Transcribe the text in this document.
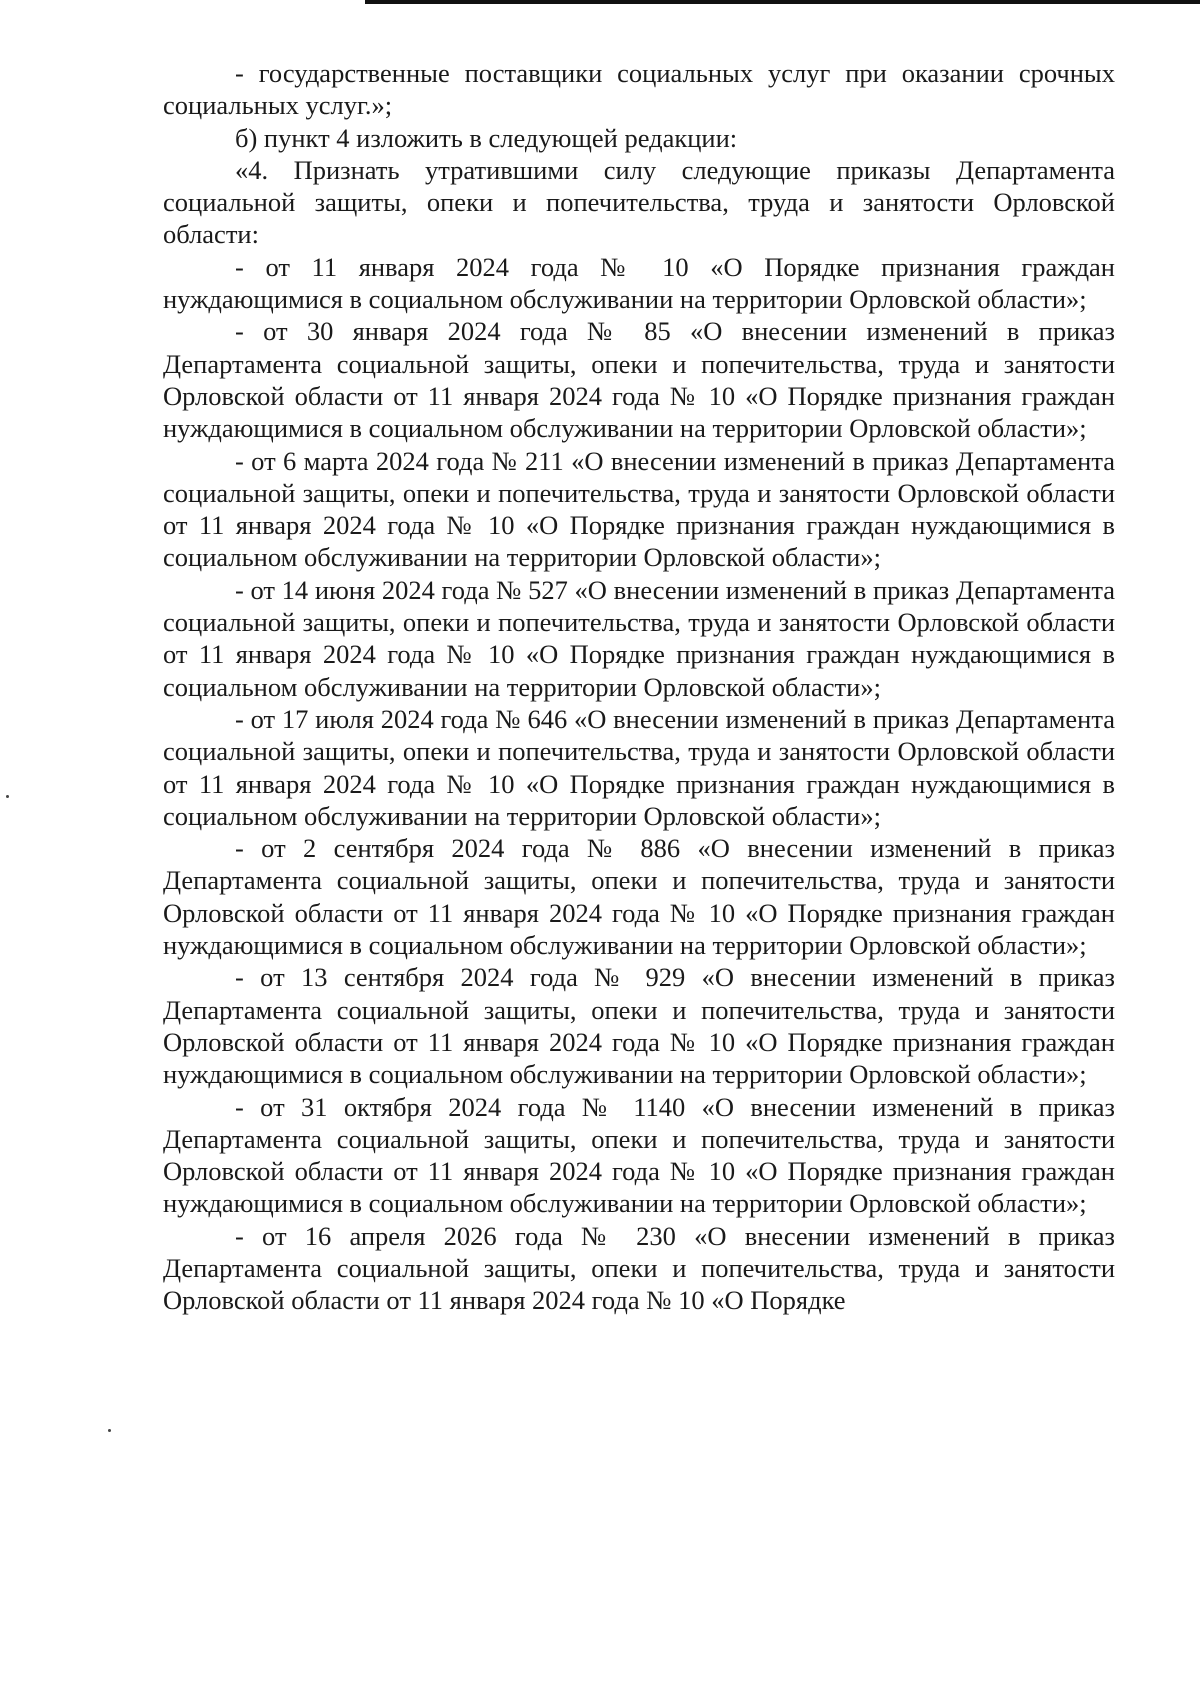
- государственные поставщики социальных услуг при оказании срочных социальных услуг.»;

б) пункт 4 изложить в следующей редакции:

«4. Признать утратившими силу следующие приказы Департамента социальной защиты, опеки и попечительства, труда и занятости Орловской области:

- от 11 января 2024 года № 10 «О Порядке признания граждан нуждающимися в социальном обслуживании на территории Орловской области»;

- от 30 января 2024 года № 85 «О внесении изменений в приказ Департамента социальной защиты, опеки и попечительства, труда и занятости Орловской области от 11 января 2024 года № 10 «О Порядке признания граждан нуждающимися в социальном обслуживании на территории Орловской области»;

- от 6 марта 2024 года № 211 «О внесении изменений в приказ Департамента социальной защиты, опеки и попечительства, труда и занятости Орловской области от 11 января 2024 года № 10 «О Порядке признания граждан нуждающимися в социальном обслуживании на территории Орловской области»;

- от 14 июня 2024 года № 527 «О внесении изменений в приказ Департамента социальной защиты, опеки и попечительства, труда и занятости Орловской области от 11 января 2024 года № 10 «О Порядке признания граждан нуждающимися в социальном обслуживании на территории Орловской области»;

- от 17 июля 2024 года № 646 «О внесении изменений в приказ Департамента социальной защиты, опеки и попечительства, труда и занятости Орловской области от 11 января 2024 года № 10 «О Порядке признания граждан нуждающимися в социальном обслуживании на территории Орловской области»;

- от 2 сентября 2024 года № 886 «О внесении изменений в приказ Департамента социальной защиты, опеки и попечительства, труда и занятости Орловской области от 11 января 2024 года № 10 «О Порядке признания граждан нуждающимися в социальном обслуживании на территории Орловской области»;

- от 13 сентября 2024 года № 929 «О внесении изменений в приказ Департамента социальной защиты, опеки и попечительства, труда и занятости Орловской области от 11 января 2024 года № 10 «О Порядке признания граждан нуждающимися в социальном обслуживании на территории Орловской области»;

- от 31 октября 2024 года № 1140 «О внесении изменений в приказ Департамента социальной защиты, опеки и попечительства, труда и занятости Орловской области от 11 января 2024 года № 10 «О Порядке признания граждан нуждающимися в социальном обслуживании на территории Орловской области»;

- от 16 апреля 2026 года № 230 «О внесении изменений в приказ Департамента социальной защиты, опеки и попечительства, труда и занятости Орловской области от 11 января 2024 года № 10 «О Порядке
